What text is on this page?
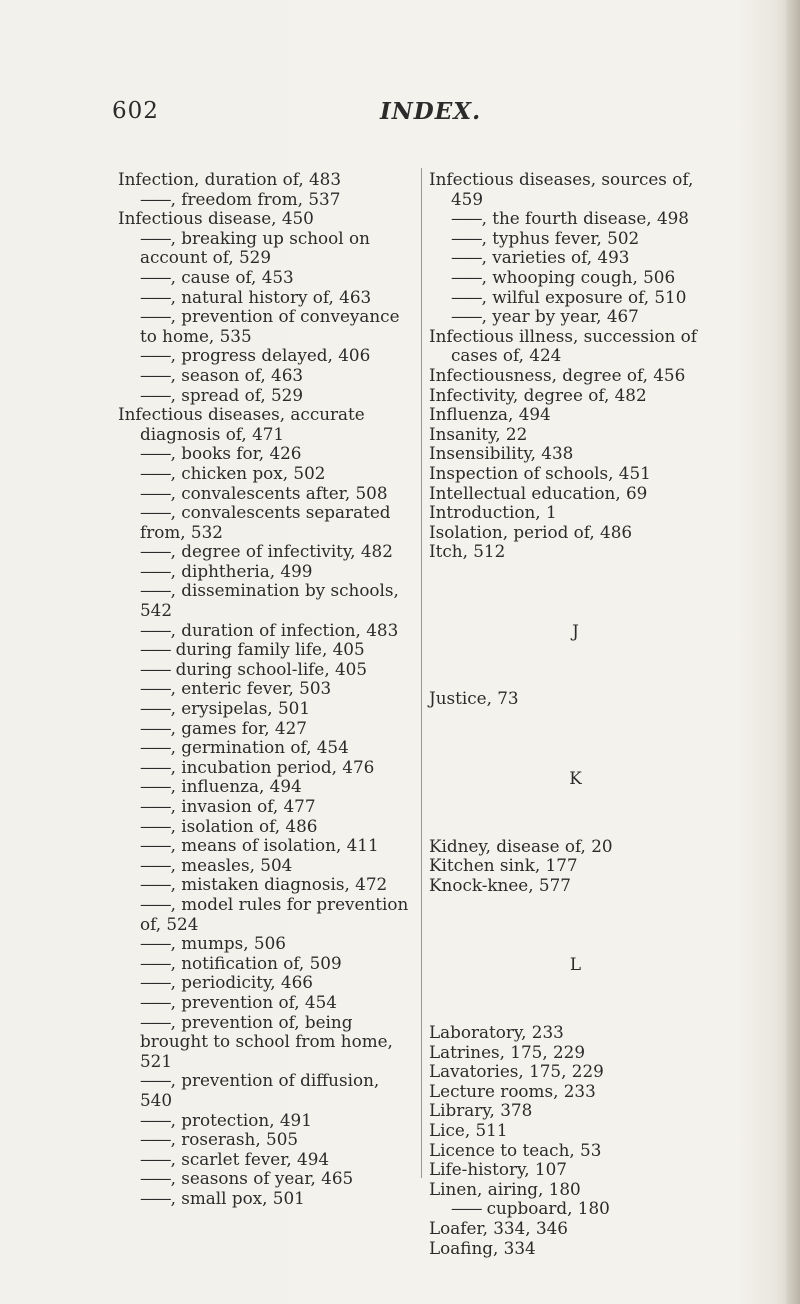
602	INDEX.

Infection, duration of, 483

—— , freedom from, 537

Infectious disease, 450

—— , breaking up school on account of, 529

—— , cause of, 453

—— , natural history of, 463

—— , prevention of conveyance to home, 535

—— , progress delayed, 406

—— , season of, 463

—— , spread of, 529

Infectious diseases, accurate diagnosis of, 471

—— , books for, 426

—— , chicken pox, 502

—— , convalescents after, 508

—— , convalescents separated from, 532

—— , degree of infectivity, 482

—— , diphtheria, 499

—— , dissemination by schools, 542

—— , duration of infection, 483

—— during family life, 405

—— during school-life, 405

—— , enteric fever, 503

—— , erysipelas, 501

—— , games for, 427

—— , germination of, 454

—— , incubation period, 476

—— , influenza, 494

—— , invasion of, 477

—— , isolation of, 486

—— , means of isolation, 411

—— , measles, 504

—— , mistaken diagnosis, 472

—— , model rules for prevention of, 524

—— , mumps, 506

—— , notification of, 509

—— , periodicity, 466

—— , prevention of, 454

—— , prevention of, being brought to school from home, 521

—— , prevention of diffusion, 540

—— , protection, 491

—— , roserash, 505

—— , scarlet fever, 494

—— , seasons of year, 465

—— , small pox, 501

Infectious diseases, sources of, 459

—— , the fourth disease, 498

—— , typhus fever, 502

—— , varieties of, 493

—— , whooping cough, 506

—— , wilful exposure of, 510

—— , year by year, 467

Infectious illness, succession of cases of, 424

Infectiousness, degree of, 456

Infectivity, degree of, 482

Influenza, 494

Insanity, 22

Insensibility, 438

Inspection of schools, 451

Intellectual education, 69

Introduction, 1

Isolation, period of, 486

Itch, 512

J

Justice, 73

K

Kidney, disease of, 20

Kitchen sink, 177

Knock-knee, 577

L

Laboratory, 233

Latrines, 175, 229

Lavatories, 175, 229

Lecture rooms, 233

Library, 378

Lice, 511

Licence to teach, 53

Life-history, 107

Linen, airing, 180

—— cupboard, 180

Loafer, 334, 346

Loafing, 334
